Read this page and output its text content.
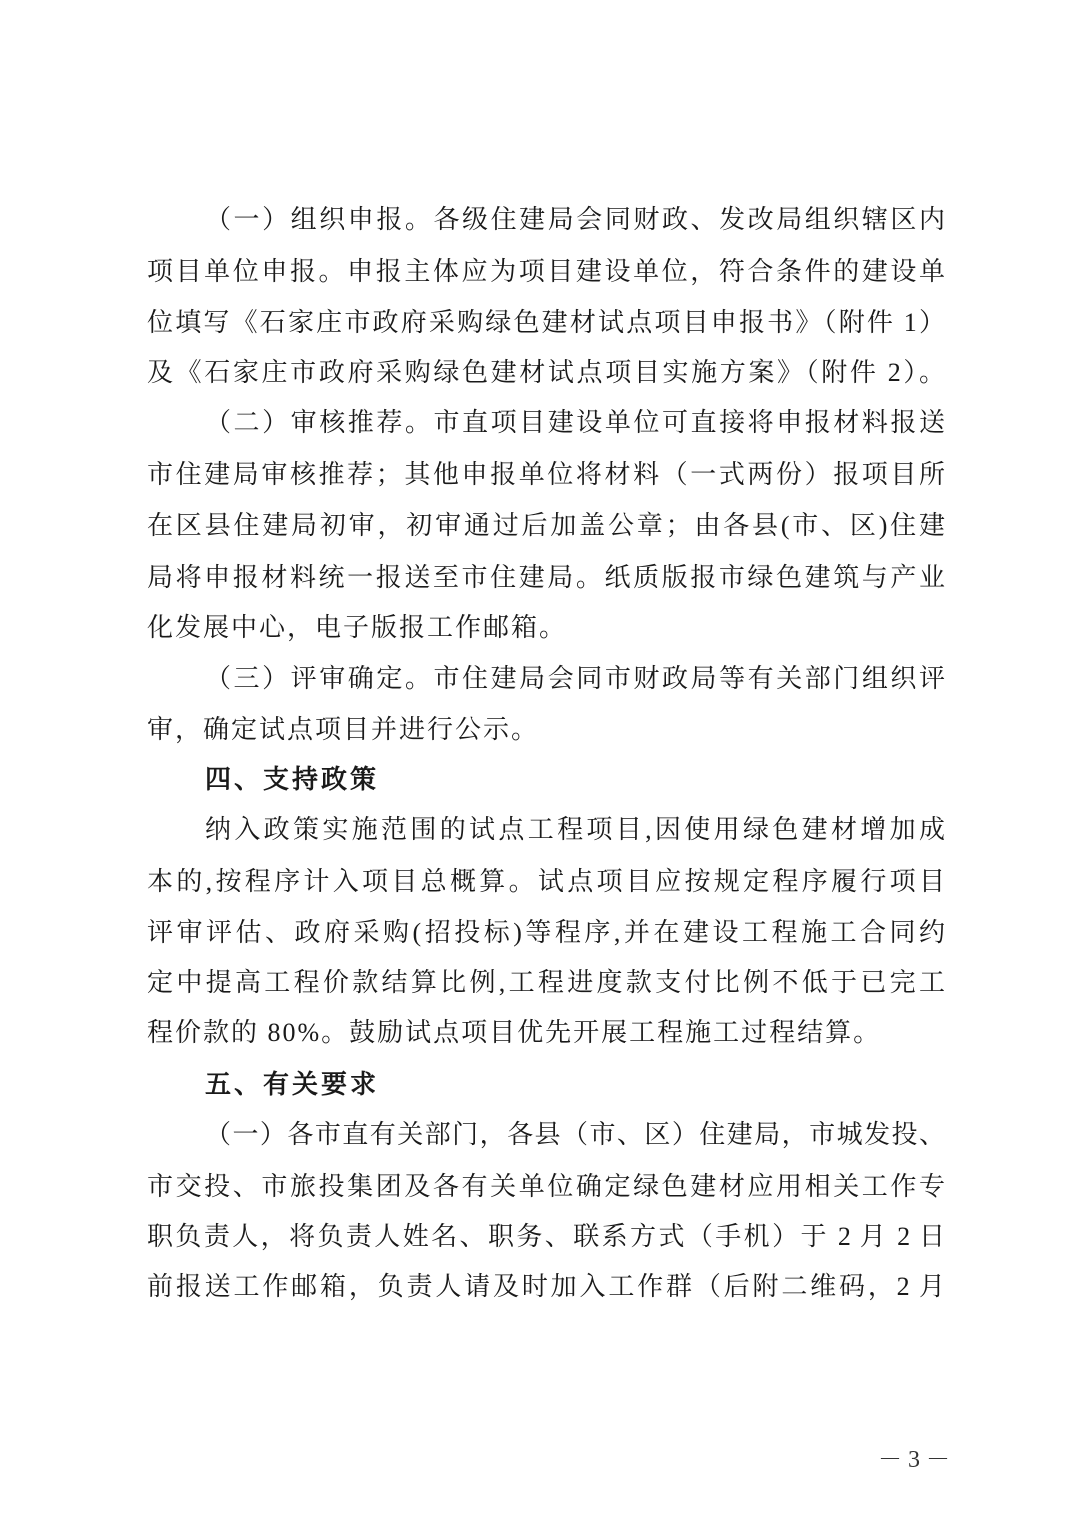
（一）组织申报。各级住建局会同财政、发改局组织辖区内
项目单位申报。申报主体应为项目建设单位，符合条件的建设单
位填写《石家庄市政府采购绿色建材试点项目申报书》（附件 1）
及《石家庄市政府采购绿色建材试点项目实施方案》（附件 2）。
（二）审核推荐。市直项目建设单位可直接将申报材料报送
市住建局审核推荐；其他申报单位将材料（一式两份）报项目所
在区县住建局初审，初审通过后加盖公章；由各县(市、区)住建
局将申报材料统一报送至市住建局。纸质版报市绿色建筑与产业
化发展中心，电子版报工作邮箱。
（三）评审确定。市住建局会同市财政局等有关部门组织评
审，确定试点项目并进行公示。
四、支持政策
纳入政策实施范围的试点工程项目,因使用绿色建材增加成
本的,按程序计入项目总概算。试点项目应按规定程序履行项目
评审评估、政府采购(招投标)等程序,并在建设工程施工合同约
定中提高工程价款结算比例,工程进度款支付比例不低于已完工
程价款的 80%。鼓励试点项目优先开展工程施工过程结算。
五、有关要求
（一）各市直有关部门，各县（市、区）住建局，市城发投、
市交投、市旅投集团及各有关单位确定绿色建材应用相关工作专
职负责人，将负责人姓名、职务、联系方式（手机）于 2 月 2 日
前报送工作邮箱，负责人请及时加入工作群（后附二维码，2 月
－ 3 －
